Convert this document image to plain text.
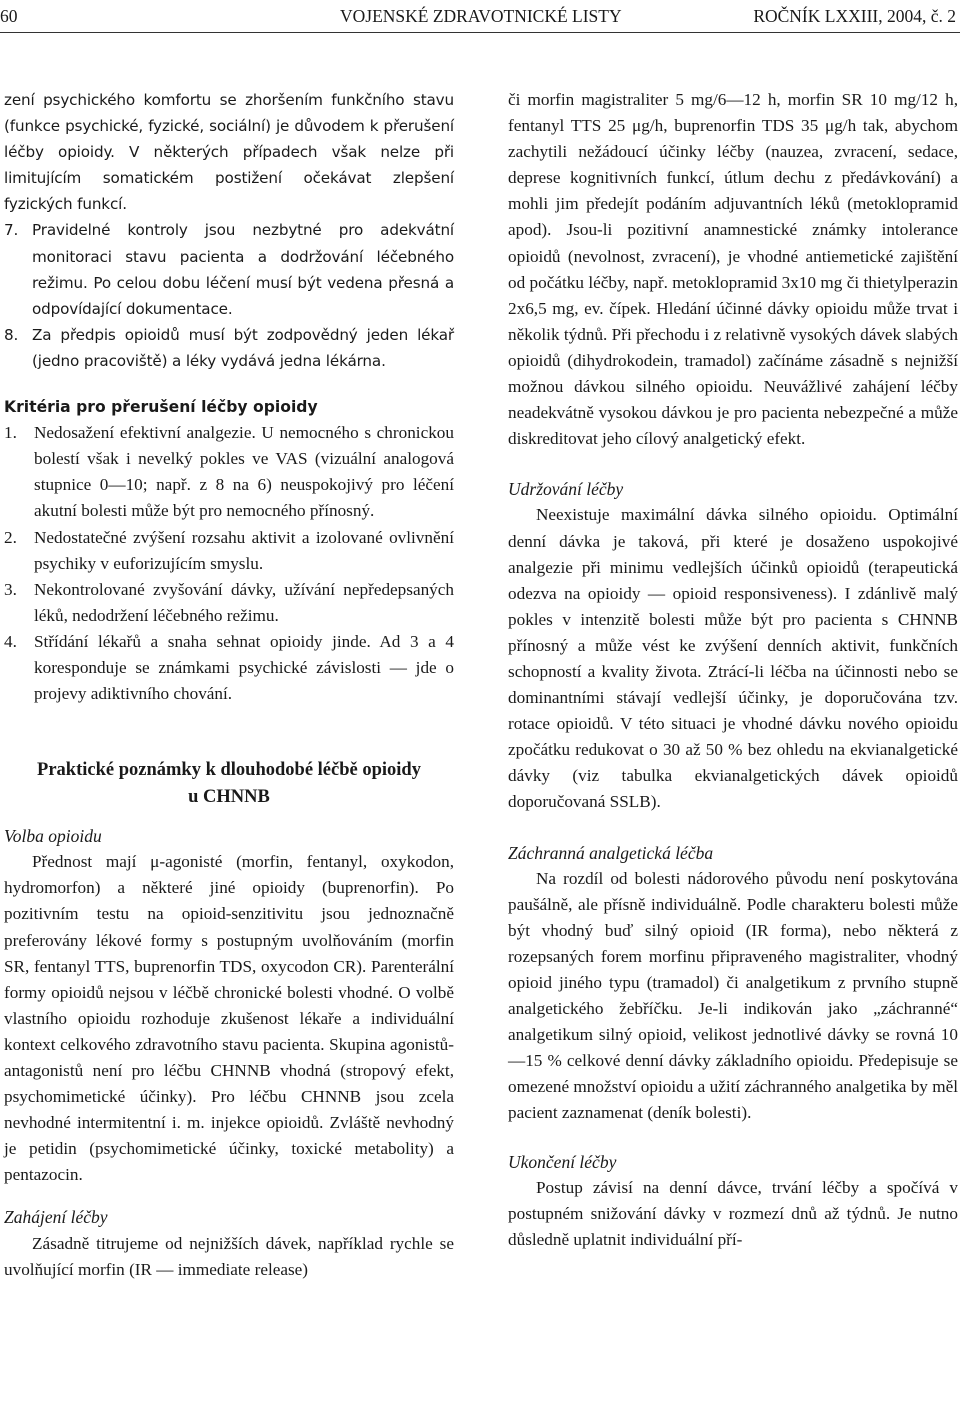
60	VOJENSKÉ ZDRAVOTNICKÉ LISTY	ROČNÍK LXXIII, 2004, č. 2

zení psychického komfortu se zhoršením funkčního stavu (funkce psychické, fyzické, sociální) je důvodem k přerušení léčby opioidy. V některých případech však nelze při limitujícím somatickém postižení očekávat zlepšení fyzických funkcí.

7. Pravidelné kontroly jsou nezbytné pro adekvátní monitoraci stavu pacienta a dodržování léčebného režimu. Po celou dobu léčení musí být vedena přesná a odpovídající dokumentace.
8. Za předpis opioidů musí být zodpovědný jeden lékař (jedno pracoviště) a léky vydává jedna lékárna.

Kritéria pro přerušení léčby opioidy

1. Nedosažení efektivní analgezie. U nemocného s chronickou bolestí však i nevelký pokles ve VAS (vizuální analogová stupnice 0—10; např. z 8 na 6) neuspokojivý pro léčení akutní bolesti může být pro nemocného přínosný.
2. Nedostatečné zvýšení rozsahu aktivit a izolované ovlivnění psychiky v euforizujícím smyslu.
3. Nekontrolované zvyšování dávky, užívání nepředepsaných léků, nedodržení léčebného režimu.
4. Střídání lékařů a snaha sehnat opioidy jinde. Ad 3 a 4 koresponduje se známkami psychické závislosti — jde o projevy adiktivního chování.
Praktické poznámky k dlouhodobé léčbě opioidy
u CHNNB

Volba opioidu

Přednost mají μ-agonisté (morfin, fentanyl, oxykodon, hydromorfon) a některé jiné opioidy (buprenorfin). Po pozitivním testu na opioid-senzitivitu jsou jednoznačně preferovány lékové formy s postupným uvolňováním (morfin SR, fentanyl TTS, buprenorfin TDS, oxycodon CR). Parenterální formy opioidů nejsou v léčbě chronické bolesti vhodné. O volbě vlastního opioidu rozhoduje zkušenost lékaře a individuální kontext celkového zdravotního stavu pacienta. Skupina agonistů-antagonistů není pro léčbu CHNNB vhodná (stropový efekt, psychomimetické účinky). Pro léčbu CHNNB jsou zcela nevhodné intermitentní i. m. injekce opioidů. Zvláště nevhodný je petidin (psychomimetické účinky, toxické metabolity) a pentazocin.

Zahájení léčby

Zásadně titrujeme od nejnižších dávek, například rychle se uvolňující morfin (IR — immediate release)

či morfin magistraliter 5 mg/6—12 h, morfin SR 10 mg/12 h, fentanyl TTS 25 μg/h, buprenorfin TDS 35 μg/h tak, abychom zachytili nežádoucí účinky léčby (nauzea, zvracení, sedace, deprese kognitivních funkcí, útlum dechu z předávkování) a mohli jim předejít podáním adjuvantních léků (metoklopramid apod). Jsou-li pozitivní anamnestické známky intolerance opioidů (nevolnost, zvracení), je vhodné antiemetické zajištění od počátku léčby, např. metoklopramid 3x10 mg či thietylperazin 2x6,5 mg, ev. čípek. Hledání účinné dávky opioidu může trvat i několik týdnů. Při přechodu i z relativně vysokých dávek slabých opioidů (dihydrokodein, tramadol) začínáme zásadně s nejnižší možnou dávkou silného opioidu. Neuvážlivé zahájení léčby neadekvátně vysokou dávkou je pro pacienta nebezpečné a může diskreditovat jeho cílový analgetický efekt.

Udržování léčby

Neexistuje maximální dávka silného opioidu. Optimální denní dávka je taková, při které je dosaženo uspokojivé analgezie při minimu vedlejších účinků opioidů (terapeutická odezva na opioidy — opioid responsiveness). I zdánlivě malý pokles v intenzitě bolesti může být pro pacienta s CHNNB přínosný a může vést ke zvýšení denních aktivit, funkčních schopností a kvality života. Ztrácí-li léčba na účinnosti nebo se dominantními stávají vedlejší účinky, je doporučována tzv. rotace opioidů. V této situaci je vhodné dávku nového opioidu zpočátku redukovat o 30 až 50 % bez ohledu na ekvianalgetické dávky (viz tabulka ekvianalgetických dávek opioidů doporučovaná SSLB).

Záchranná analgetická léčba

Na rozdíl od bolesti nádorového původu není poskytována paušálně, ale přísně individuálně. Podle charakteru bolesti může být vhodný buď silný opioid (IR forma), nebo některá z rozepsaných forem morfinu připraveného magistraliter, vhodný opioid jiného typu (tramadol) či analgetikum z prvního stupně analgetického žebříčku. Je-li indikován jako „záchranné“ analgetikum silný opioid, velikost jednotlivé dávky se rovná 10—15 % celkové denní dávky základního opioidu. Předepisuje se omezené množství opioidu a užití záchranného analgetika by měl pacient zaznamenat (deník bolesti).

Ukončení léčby

Postup závisí na denní dávce, trvání léčby a spočívá v postupném snižování dávky v rozmezí dnů až týdnů. Je nutno důsledně uplatnit individuální pří-
